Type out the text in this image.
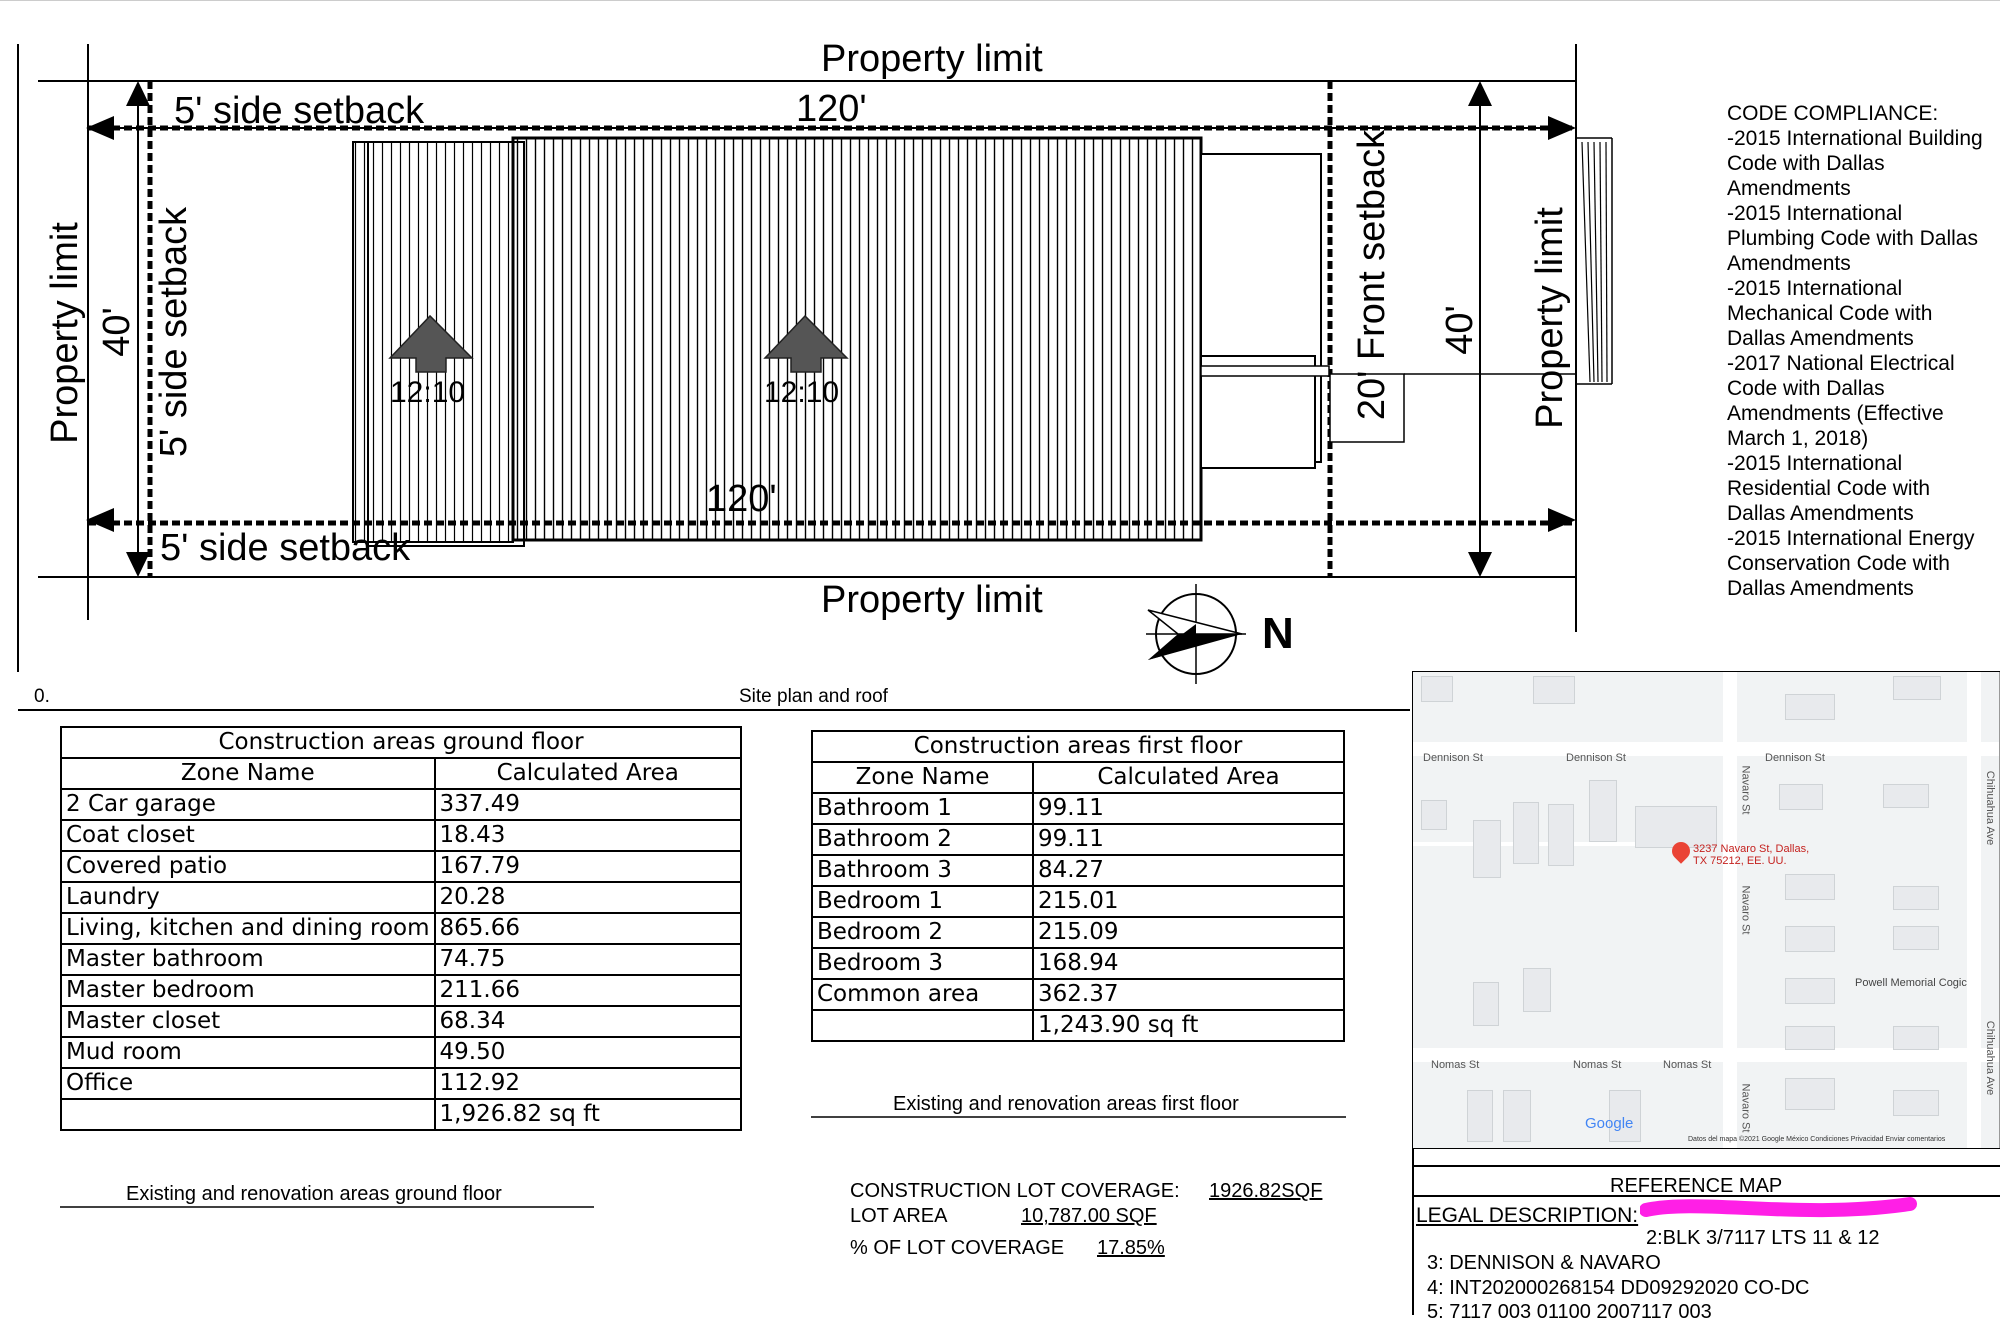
Property limit
Property limit
5' side setback
5' side setback
120'
120'
12:10	12:10
N
Property limit 40' 5' side setback	20' Front setback 40' Property limit
CODE COMPLIANCE:
-2015 International Building
Code with Dallas
Amendments
-2015 International
Plumbing Code with Dallas
Amendments
-2015 International
Mechanical Code with
Dallas Amendments
-2017 National Electrical
Code with Dallas
Amendments (Effective
March 1, 2018)
-2015 International
Residential Code with
Dallas Amendments
-2015 International Energy
Conservation Code with
Dallas Amendments
0.	Site plan and roof
Construction areas ground floor	
Zone Name	Calculated Area
2 Car garage	337.49
Coat closet	18.43
Covered patio	167.79
Laundry	20.28
Living, kitchen and dining room	865.66
Master bathroom	74.75
Master bedroom	211.66
Master closet	68.34
Mud room	49.50
Office	112.92
	1,926.82 sq ft
Existing and renovation areas ground floor
Construction areas first floor	
Zone Name	Calculated Area
Bathroom 1	99.11
Bathroom 2	99.11
Bathroom 3	84.27
Bedroom 1	215.01
Bedroom 2	215.09
Bedroom 3	168.94
Common area	362.37
	1,243.90 sq ft
Existing and renovation areas first floor
CONSTRUCTION LOT COVERAGE: 1926.82SQF
LOT AREA	10,787.00 SQF
% OF LOT COVERAGE 17.85%
Dennison St	Dennison St	Dennison St
Nomas St	Nomas St	Nomas St
Navaro St
Navaro St
Navaro St
Chihuahua Ave
Chihuahua Ave
3237 Navaro St, Dallas,
TX 75212, EE. UU.
Powell Memorial Cogic
Google
Datos del mapa ©2021 Google México Condiciones Privacidad Enviar comentarios
REFERENCE MAP
LEGAL DESCRIPTION:
2:BLK 3/7117 LTS 11 & 12
3: DENNISON & NAVARO
4: INT202000268154 DD09292020 CO-DC
5: 7117 003 01100 2007117 003
